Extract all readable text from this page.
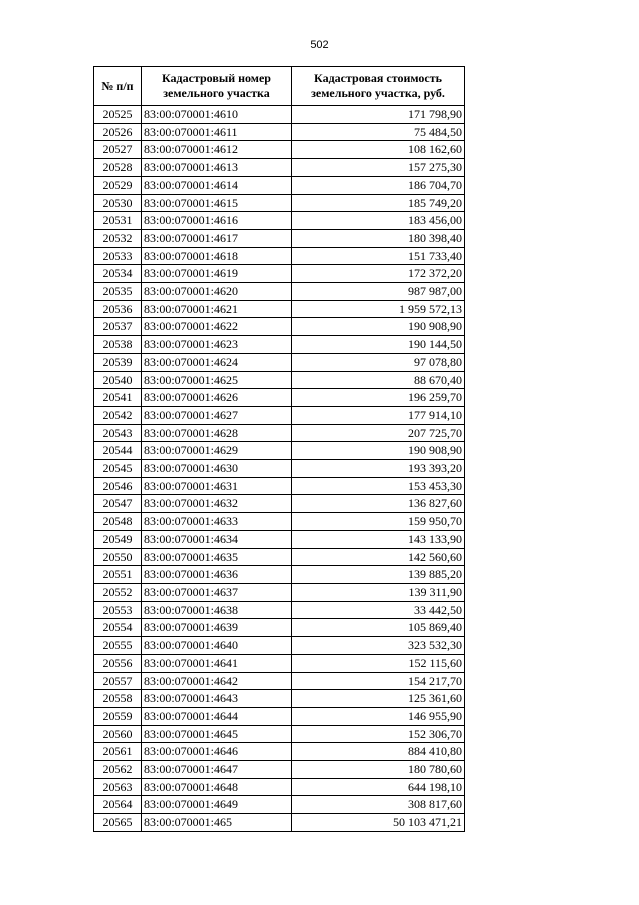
502
№ п/п	Кадастровый номер земельного участка	Кадастровая стоимость земельного участка, руб.
20525	83:00:070001:4610	171 798,90
20526	83:00:070001:4611	75 484,50
20527	83:00:070001:4612	108 162,60
20528	83:00:070001:4613	157 275,30
20529	83:00:070001:4614	186 704,70
20530	83:00:070001:4615	185 749,20
20531	83:00:070001:4616	183 456,00
20532	83:00:070001:4617	180 398,40
20533	83:00:070001:4618	151 733,40
20534	83:00:070001:4619	172 372,20
20535	83:00:070001:4620	987 987,00
20536	83:00:070001:4621	1 959 572,13
20537	83:00:070001:4622	190 908,90
20538	83:00:070001:4623	190 144,50
20539	83:00:070001:4624	97 078,80
20540	83:00:070001:4625	88 670,40
20541	83:00:070001:4626	196 259,70
20542	83:00:070001:4627	177 914,10
20543	83:00:070001:4628	207 725,70
20544	83:00:070001:4629	190 908,90
20545	83:00:070001:4630	193 393,20
20546	83:00:070001:4631	153 453,30
20547	83:00:070001:4632	136 827,60
20548	83:00:070001:4633	159 950,70
20549	83:00:070001:4634	143 133,90
20550	83:00:070001:4635	142 560,60
20551	83:00:070001:4636	139 885,20
20552	83:00:070001:4637	139 311,90
20553	83:00:070001:4638	33 442,50
20554	83:00:070001:4639	105 869,40
20555	83:00:070001:4640	323 532,30
20556	83:00:070001:4641	152 115,60
20557	83:00:070001:4642	154 217,70
20558	83:00:070001:4643	125 361,60
20559	83:00:070001:4644	146 955,90
20560	83:00:070001:4645	152 306,70
20561	83:00:070001:4646	884 410,80
20562	83:00:070001:4647	180 780,60
20563	83:00:070001:4648	644 198,10
20564	83:00:070001:4649	308 817,60
20565	83:00:070001:465	50 103 471,21
